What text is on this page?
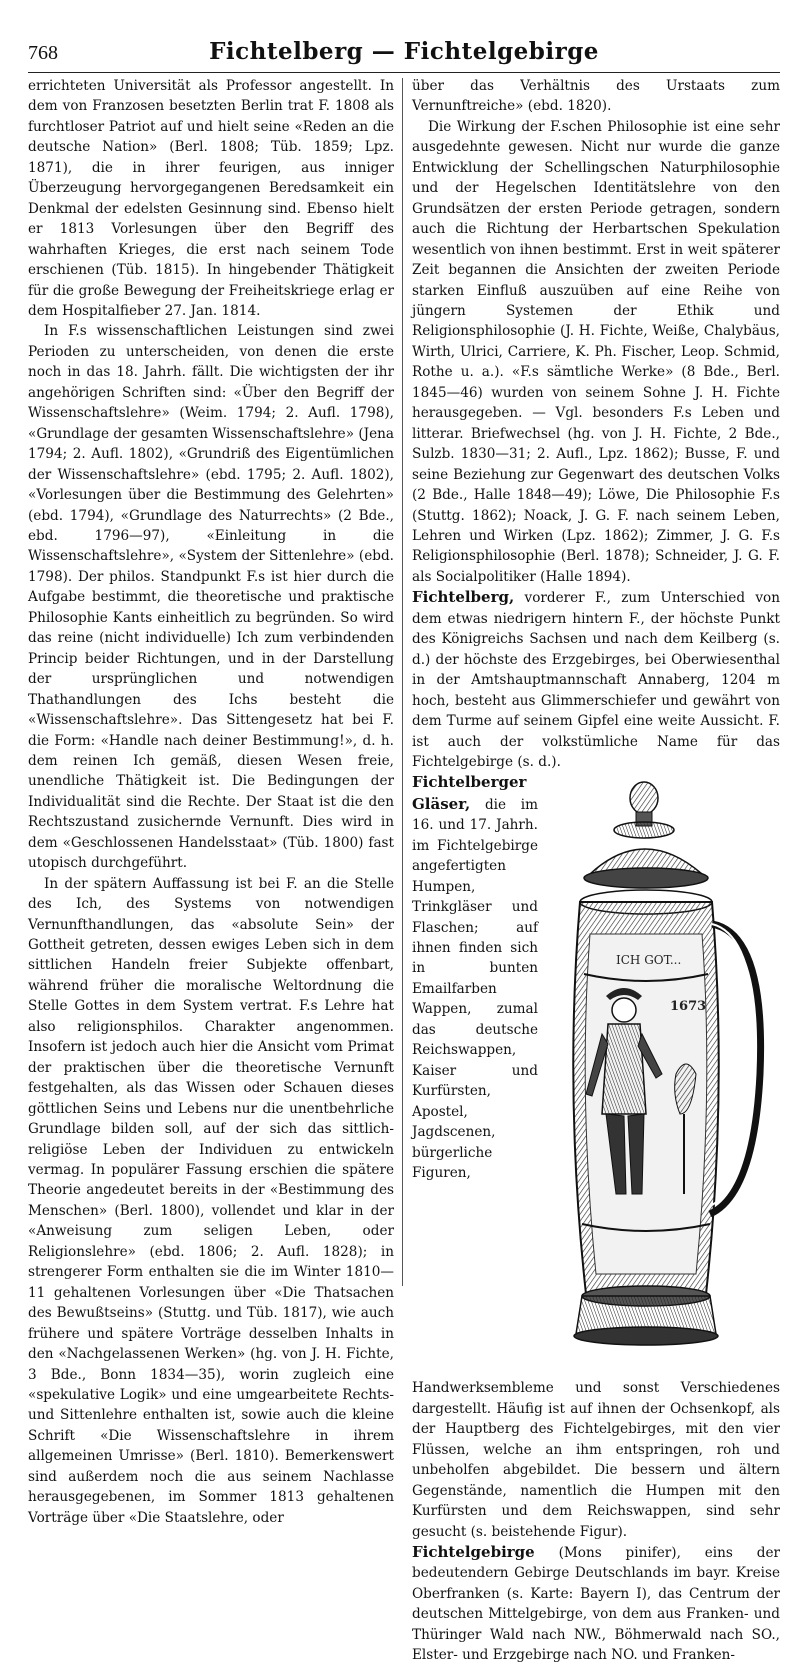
768	Fichtelberg — Fichtelgebirge

errichteten Universität als Professor angestellt. In dem von Franzosen besetzten Berlin trat F. 1808 als furchtloser Patriot auf und hielt seine «Reden an die deutsche Nation» (Berl. 1808; Tüb. 1859; Lpz. 1871), die in ihrer feurigen, aus inniger Überzeugung hervorgegangenen Beredsamkeit ein Denkmal der edelsten Gesinnung sind. Ebenso hielt er 1813 Vorlesungen über den Begriff des wahrhaften Krieges, die erst nach seinem Tode erschienen (Tüb. 1815). In hingebender Thätigkeit für die große Bewegung der Freiheitskriege erlag er dem Hospitalfieber 27. Jan. 1814.

In F.s wissenschaftlichen Leistungen sind zwei Perioden zu unterscheiden, von denen die erste noch in das 18. Jahrh. fällt. Die wichtigsten der ihr angehörigen Schriften sind: «Über den Begriff der Wissenschaftslehre» (Weim. 1794; 2. Aufl. 1798), «Grundlage der gesamten Wissenschaftslehre» (Jena 1794; 2. Aufl. 1802), «Grundriß des Eigentümlichen der Wissenschaftslehre» (ebd. 1795; 2. Aufl. 1802), «Vorlesungen über die Bestimmung des Gelehrten» (ebd. 1794), «Grundlage des Naturrechts» (2 Bde., ebd. 1796—97), «Einleitung in die Wissenschaftslehre», «System der Sittenlehre» (ebd. 1798). Der philos. Standpunkt F.s ist hier durch die Aufgabe bestimmt, die theoretische und praktische Philosophie Kants einheitlich zu begründen. So wird das reine (nicht individuelle) Ich zum verbindenden Princip beider Richtungen, und in der Darstellung der ursprünglichen und notwendigen Thathandlungen des Ichs besteht die «Wissenschaftslehre». Das Sittengesetz hat bei F. die Form: «Handle nach deiner Bestimmung!», d. h. dem reinen Ich gemäß, diesen Wesen freie, unendliche Thätigkeit ist. Die Bedingungen der Individualität sind die Rechte. Der Staat ist die den Rechtszustand zusichernde Vernunft. Dies wird in dem «Geschlossenen Handelsstaat» (Tüb. 1800) fast utopisch durchgeführt.

In der spätern Auffassung ist bei F. an die Stelle des Ich, des Systems von notwendigen Vernunfthandlungen, das «absolute Sein» der Gottheit getreten, dessen ewiges Leben sich in dem sittlichen Handeln freier Subjekte offenbart, während früher die moralische Weltordnung die Stelle Gottes in dem System vertrat. F.s Lehre hat also religionsphilos. Charakter angenommen. Insofern ist jedoch auch hier die Ansicht vom Primat der praktischen über die theoretische Vernunft festgehalten, als das Wissen oder Schauen dieses göttlichen Seins und Lebens nur die unentbehrliche Grundlage bilden soll, auf der sich das sittlich-religiöse Leben der Individuen zu entwickeln vermag. In populärer Fassung erschien die spätere Theorie angedeutet bereits in der «Bestimmung des Menschen» (Berl. 1800), vollendet und klar in der «Anweisung zum seligen Leben, oder Religionslehre» (ebd. 1806; 2. Aufl. 1828); in strengerer Form enthalten sie die im Winter 1810—11 gehaltenen Vorlesungen über «Die Thatsachen des Bewußtseins» (Stuttg. und Tüb. 1817), wie auch frühere und spätere Vorträge desselben Inhalts in den «Nachgelassenen Werken» (hg. von J. H. Fichte, 3 Bde., Bonn 1834—35), worin zugleich eine «spekulative Logik» und eine umgearbeitete Rechts- und Sittenlehre enthalten ist, sowie auch die kleine Schrift «Die Wissenschaftslehre in ihrem allgemeinen Umrisse» (Berl. 1810). Bemerkenswert sind außerdem noch die aus seinem Nachlasse herausgegebenen, im Sommer 1813 gehaltenen Vorträge über «Die Staatslehre, oder

über das Verhältnis des Urstaats zum Vernunftreiche» (ebd. 1820).

Die Wirkung der F.schen Philosophie ist eine sehr ausgedehnte gewesen. Nicht nur wurde die ganze Entwicklung der Schellingschen Naturphilosophie und der Hegelschen Identitätslehre von den Grundsätzen der ersten Periode getragen, sondern auch die Richtung der Herbartschen Spekulation wesentlich von ihnen bestimmt. Erst in weit späterer Zeit begannen die Ansichten der zweiten Periode starken Einfluß auszuüben auf eine Reihe von jüngern Systemen der Ethik und Religionsphilosophie (J. H. Fichte, Weiße, Chalybäus, Wirth, Ulrici, Carriere, K. Ph. Fischer, Leop. Schmid, Rothe u. a.). «F.s sämtliche Werke» (8 Bde., Berl. 1845—46) wurden von seinem Sohne J. H. Fichte herausgegeben. — Vgl. besonders F.s Leben und litterar. Briefwechsel (hg. von J. H. Fichte, 2 Bde., Sulzb. 1830—31; 2. Aufl., Lpz. 1862); Busse, F. und seine Beziehung zur Gegenwart des deutschen Volks (2 Bde., Halle 1848—49); Löwe, Die Philosophie F.s (Stuttg. 1862); Noack, J. G. F. nach seinem Leben, Lehren und Wirken (Lpz. 1862); Zimmer, J. G. F.s Religionsphilosophie (Berl. 1878); Schneider, J. G. F. als Socialpolitiker (Halle 1894).

Fichtelberg, vorderer F., zum Unterschied von dem etwas niedrigern hintern F., der höchste Punkt des Königreichs Sachsen und nach dem Keilberg (s. d.) der höchste des Erzgebirges, bei Oberwiesenthal in der Amtshauptmannschaft Annaberg, 1204 m hoch, besteht aus Glimmerschiefer und gewährt von dem Turme auf seinem Gipfel eine weite Aussicht. F. ist auch der volkstümliche Name für das Fichtelgebirge (s. d.).

ICH GOT...
1673
Fichtelberger Gläser, die im 16. und 17. Jahrh. im Fichtelgebirge angefertigten Humpen, Trinkgläser und Flaschen; auf ihnen finden sich in bunten Emailfarben Wappen, zumal das deutsche Reichswappen, Kaiser und Kurfürsten, Apostel, Jagdscenen, bürgerliche Figuren, Handwerksembleme und sonst Verschiedenes dargestellt. Häufig ist auf ihnen der Ochsenkopf, als der Hauptberg des Fichtelgebirges, mit den vier Flüssen, welche an ihm entspringen, roh und unbeholfen abgebildet. Die bessern und ältern Gegenstände, namentlich die Humpen mit den Kurfürsten und dem Reichswappen, sind sehr gesucht (s. beistehende Figur).

Fichtelgebirge (Mons pinifer), eins der bedeutendern Gebirge Deutschlands im bayr. Kreise Oberfranken (s. Karte: Bayern I), das Centrum der deutschen Mittelgebirge, von dem aus Franken- und Thüringer Wald nach NW., Böhmerwald nach SO., Elster- und Erzgebirge nach NO. und Franken-
